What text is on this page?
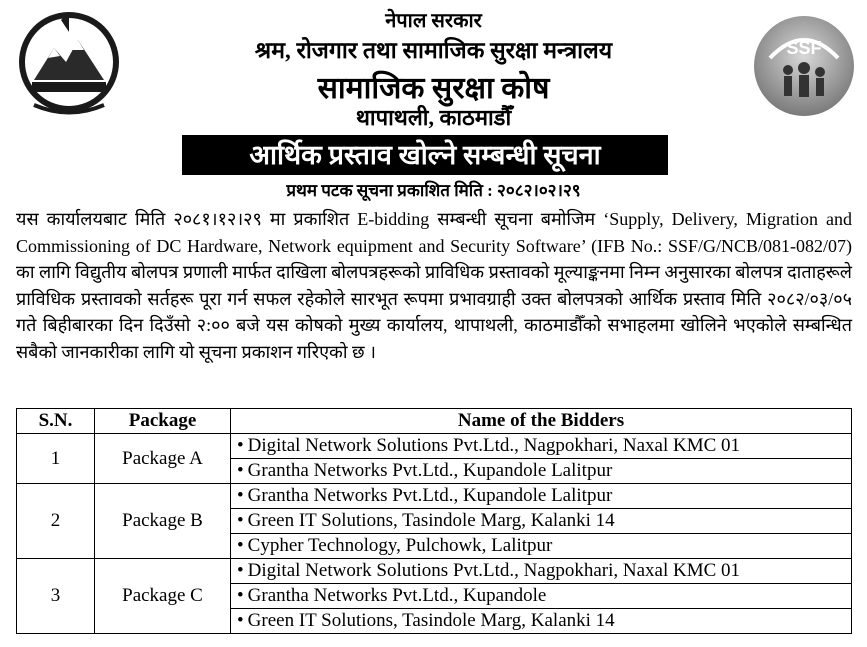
SSF
नेपाल सरकार
श्रम, रोजगार तथा सामाजिक सुरक्षा मन्त्रालय
सामाजिक सुरक्षा कोष
थापाथली, काठमाडौँ
आर्थिक प्रस्ताव खोल्ने सम्बन्धी सूचना
प्रथम पटक सूचना प्रकाशित मिति : २०८२।०२।२९
यस कार्यालयबाट मिति २०८१।१२।२९ मा प्रकाशित E-bidding सम्बन्धी सूचना बमोजिम ‘Supply, Delivery, Migration and Commissioning of DC Hardware, Network equipment and Security Software’ (IFB No.: SSF/G/NCB/081-082/07) का लागि विद्युतीय बोलपत्र प्रणाली मार्फत दाखिला बोलपत्रहरूको प्राविधिक प्रस्तावको मूल्याङ्कनमा निम्न अनुसारका बोलपत्र दाताहरूले प्राविधिक प्रस्तावको सर्तहरू पूरा गर्न सफल रहेकोले सारभूत रूपमा प्रभावग्राही उक्त बोलपत्रको आर्थिक प्रस्ताव मिति २०८२/०३/०५ गते बिहीबारका दिन दिउँसो २:०० बजे यस कोषको मुख्य कार्यालय, थापाथली, काठमाडौँको सभाहलमा खोलिने भएकोले सम्बन्धित सबैको जानकारीका लागि यो सूचना प्रकाशन गरिएको छ ।
S.N.	Package	Name of the Bidders
1	Package A	• Digital Network Solutions Pvt.Ltd., Nagpokhari, Naxal KMC 01
		• Grantha Networks Pvt.Ltd., Kupandole Lalitpur
2	Package B	• Grantha Networks Pvt.Ltd., Kupandole Lalitpur
		• Green IT Solutions, Tasindole Marg, Kalanki 14
		• Cypher Technology, Pulchowk, Lalitpur
3	Package C	• Digital Network Solutions Pvt.Ltd., Nagpokhari, Naxal KMC 01
		• Grantha Networks Pvt.Ltd., Kupandole
		• Green IT Solutions, Tasindole Marg, Kalanki 14
